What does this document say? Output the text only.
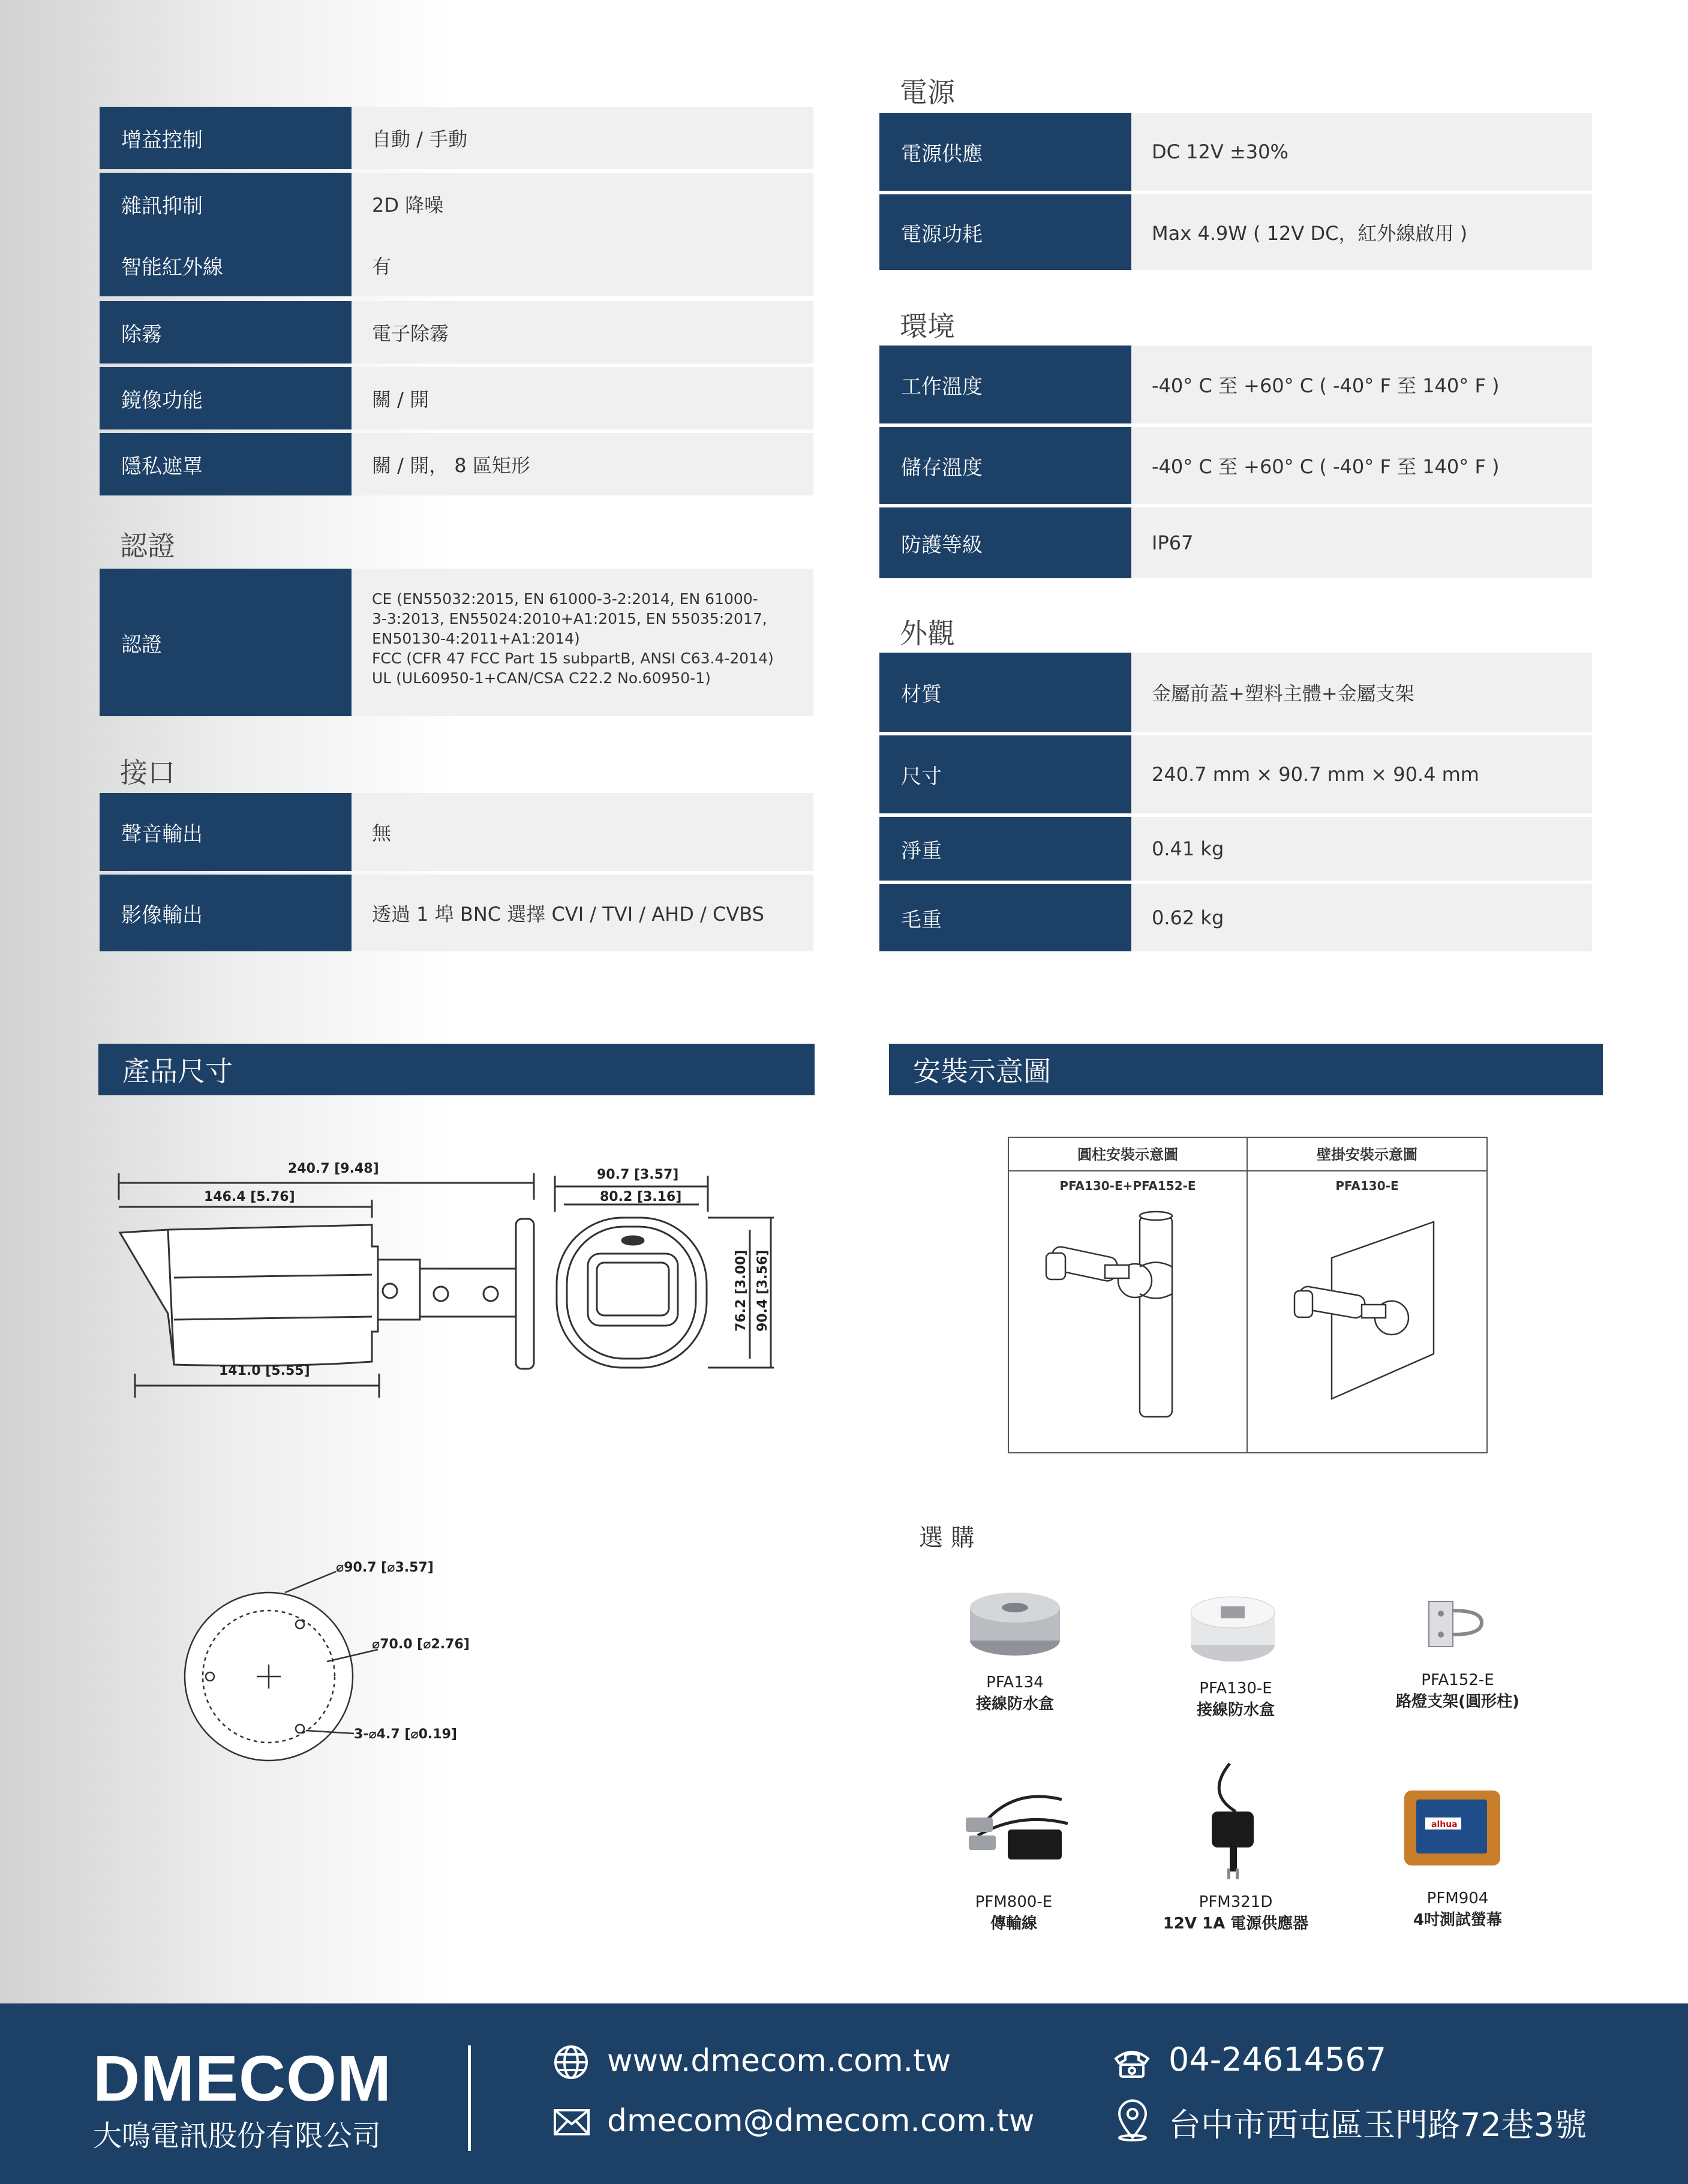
增益控制	自動 / 手動
雜訊抑制	2D 降噪
智能紅外線	有
除霧	電子除霧
鏡像功能	關 / 開
隱私遮罩	關 / 開， 8 區矩形
認證
認證
CE (EN55032:2015, EN 61000-3-2:2014, EN 61000-
3-3:2013, EN55024:2010+A1:2015, EN 55035:2017,
EN50130-4:2011+A1:2014)
FCC (CFR 47 FCC Part 15 subpartB, ANSI C63.4-2014)
UL (UL60950-1+CAN/CSA C22.2 No.60950-1)
接口
聲音輸出	無
影像輸出	透過 1 埠 BNC 選擇 CVI / TVI / AHD / CVBS
電源
電源供應	DC 12V ±30%
電源功耗	Max 4.9W ( 12V DC，紅外線啟用 )
環境
工作溫度	-40° C 至 +60° C ( -40° F 至 140° F )
儲存溫度	-40° C 至 +60° C ( -40° F 至 140° F )
防護等級	IP67
外觀
材質	金屬前蓋+塑料主體+金屬支架
尺寸	240.7 mm × 90.7 mm × 90.4 mm
淨重	0.41 kg
毛重	0.62 kg
產品尺寸	安裝示意圖
240.7 [9.48]
146.4 [5.76]
141.0 [5.55]
90.7 [3.57]
80.2 [3.16]
76.2 [3.00] 90.4 [3.56]
⌀90.7 [⌀3.57]
⌀70.0 [⌀2.76]
3-⌀4.7 [⌀0.19]
圓柱安裝示意圖	壁掛安裝示意圖
PFA130-E+PFA152-E	PFA130-E
選 購
PFA134
接線防水盒
PFA130-E
接線防水盒
PFA152-E
路燈支架(圓形柱)
PFM800-E
傳輸線
PFM321D
12V 1A 電源供應器
alhua
PFM904
4吋測試螢幕
DMECOM
大鳴電訊股份有限公司
www.dmecom.com.tw
dmecom@dmecom.com.tw
04-24614567
台中市西屯區玉門路72巷3號
